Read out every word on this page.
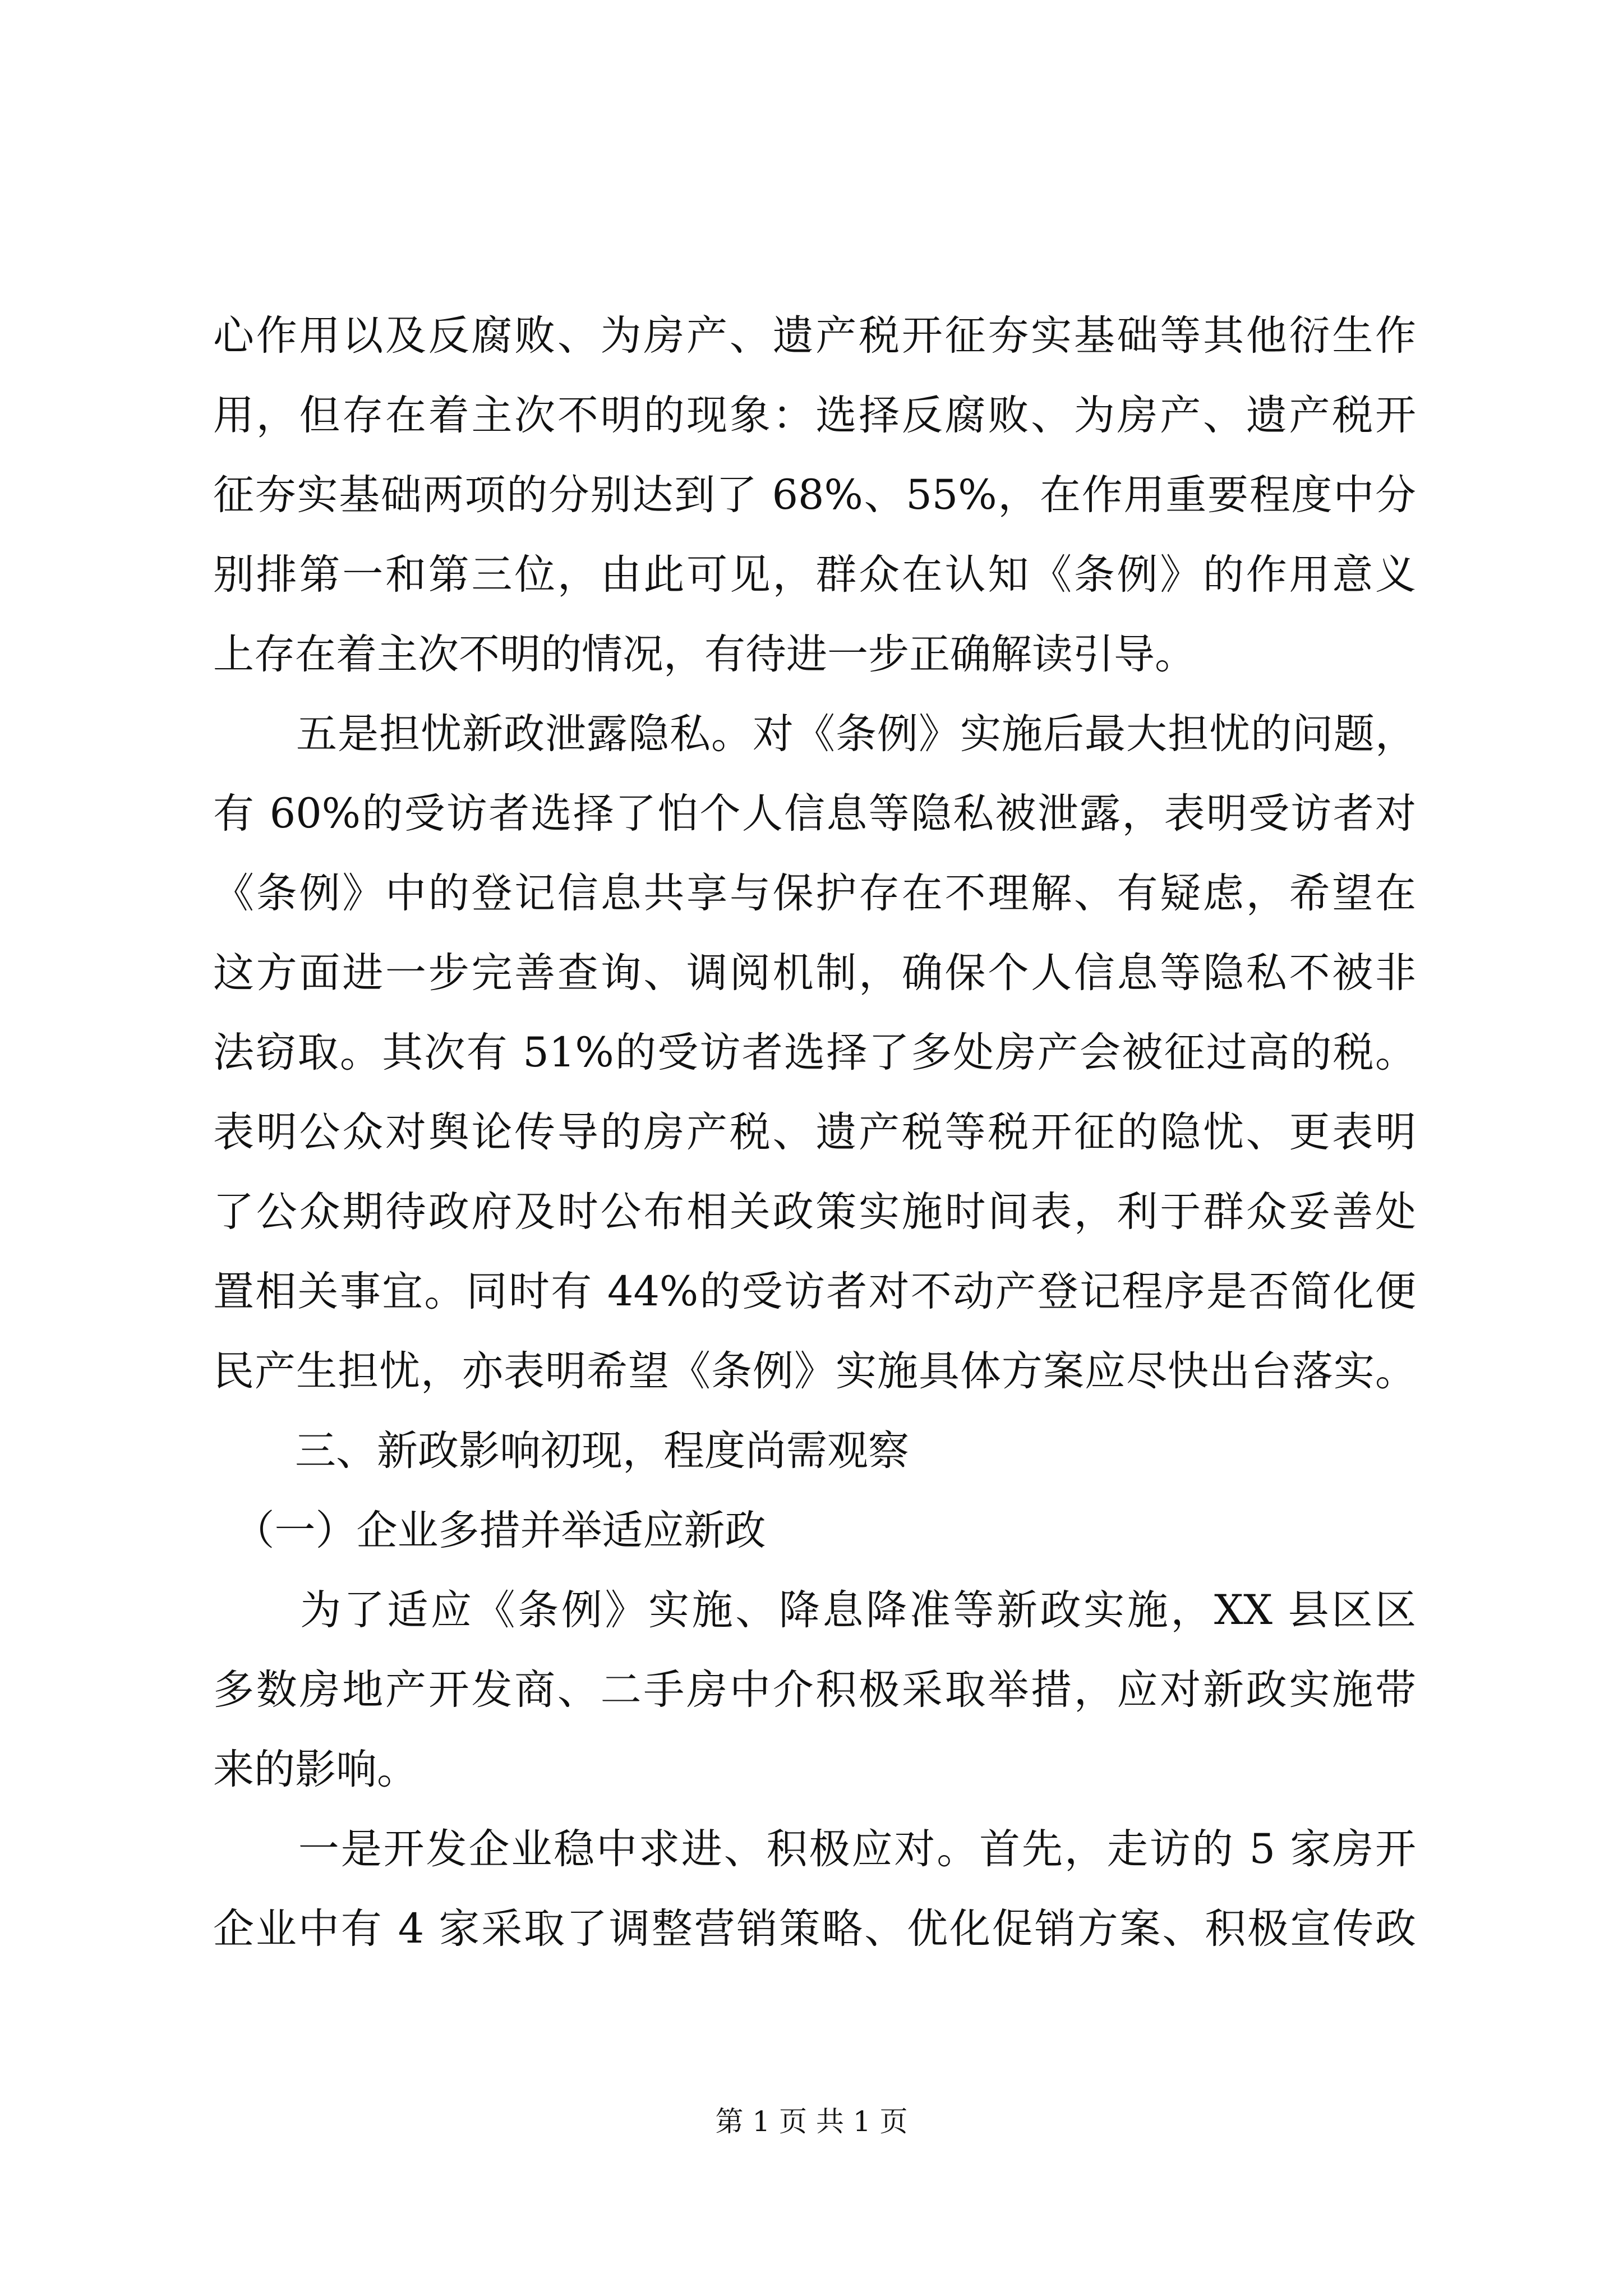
心作用以及反腐败、为房产、遗产税开征夯实基础等其他衍生作
用，但存在着主次不明的现象：选择反腐败、为房产、遗产税开
征夯实基础两项的分别达到了 68%、55%，在作用重要程度中分
别排第一和第三位，由此可见，群众在认知《条例》的作用意义
上存在着主次不明的情况，有待进一步正确解读引导。
　　五是担忧新政泄露隐私。对《条例》实施后最大担忧的问题，
有 60%的受访者选择了怕个人信息等隐私被泄露，表明受访者对
《条例》中的登记信息共享与保护存在不理解、有疑虑，希望在
这方面进一步完善查询、调阅机制，确保个人信息等隐私不被非
法窃取。其次有 51%的受访者选择了多处房产会被征过高的税。
表明公众对舆论传导的房产税、遗产税等税开征的隐忧、更表明
了公众期待政府及时公布相关政策实施时间表，利于群众妥善处
置相关事宜。同时有 44%的受访者对不动产登记程序是否简化便
民产生担忧，亦表明希望《条例》实施具体方案应尽快出台落实。
　　三、新政影响初现，程度尚需观察
　（一）企业多措并举适应新政
　　为了适应《条例》实施、降息降准等新政实施，XX 县区区
多数房地产开发商、二手房中介积极采取举措，应对新政实施带
来的影响。
　　一是开发企业稳中求进、积极应对。首先，走访的 5 家房开
企业中有 4 家采取了调整营销策略、优化促销方案、积极宣传政
第 1 页 共 1 页
